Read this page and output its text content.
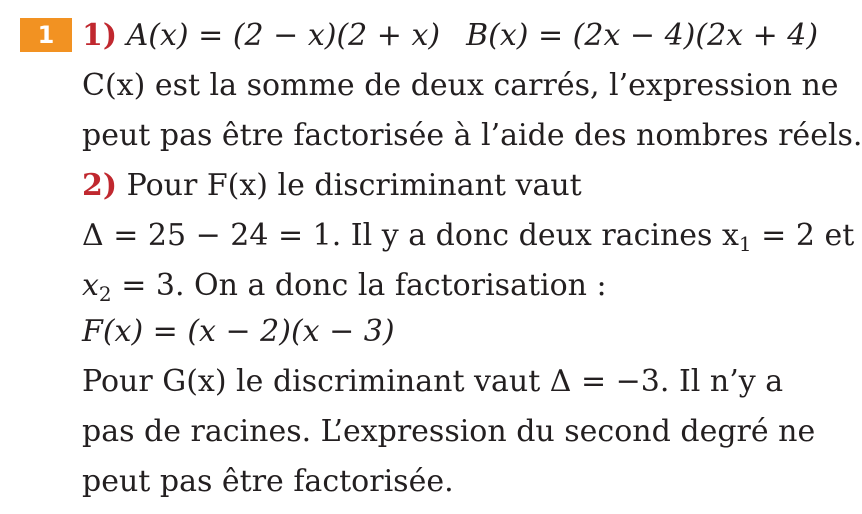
1 1) A(x) = (2 − x)(2 + x) B(x) = (2x − 4)(2x + 4)
C(x) est la somme de deux carrés, l’expression ne
peut pas être factorisée à l’aide des nombres réels.
2) Pour F(x) le discriminant vaut
Δ = 25 − 24 = 1. Il y a donc deux racines $x_1 = 2$ et
$x_2 = 3$. On a donc la factorisation :
F(x) = (x − 2)(x − 3)
Pour G(x) le discriminant vaut Δ = −3. Il n’y a
pas de racines. L’expression du second degré ne
peut pas être factorisée.
